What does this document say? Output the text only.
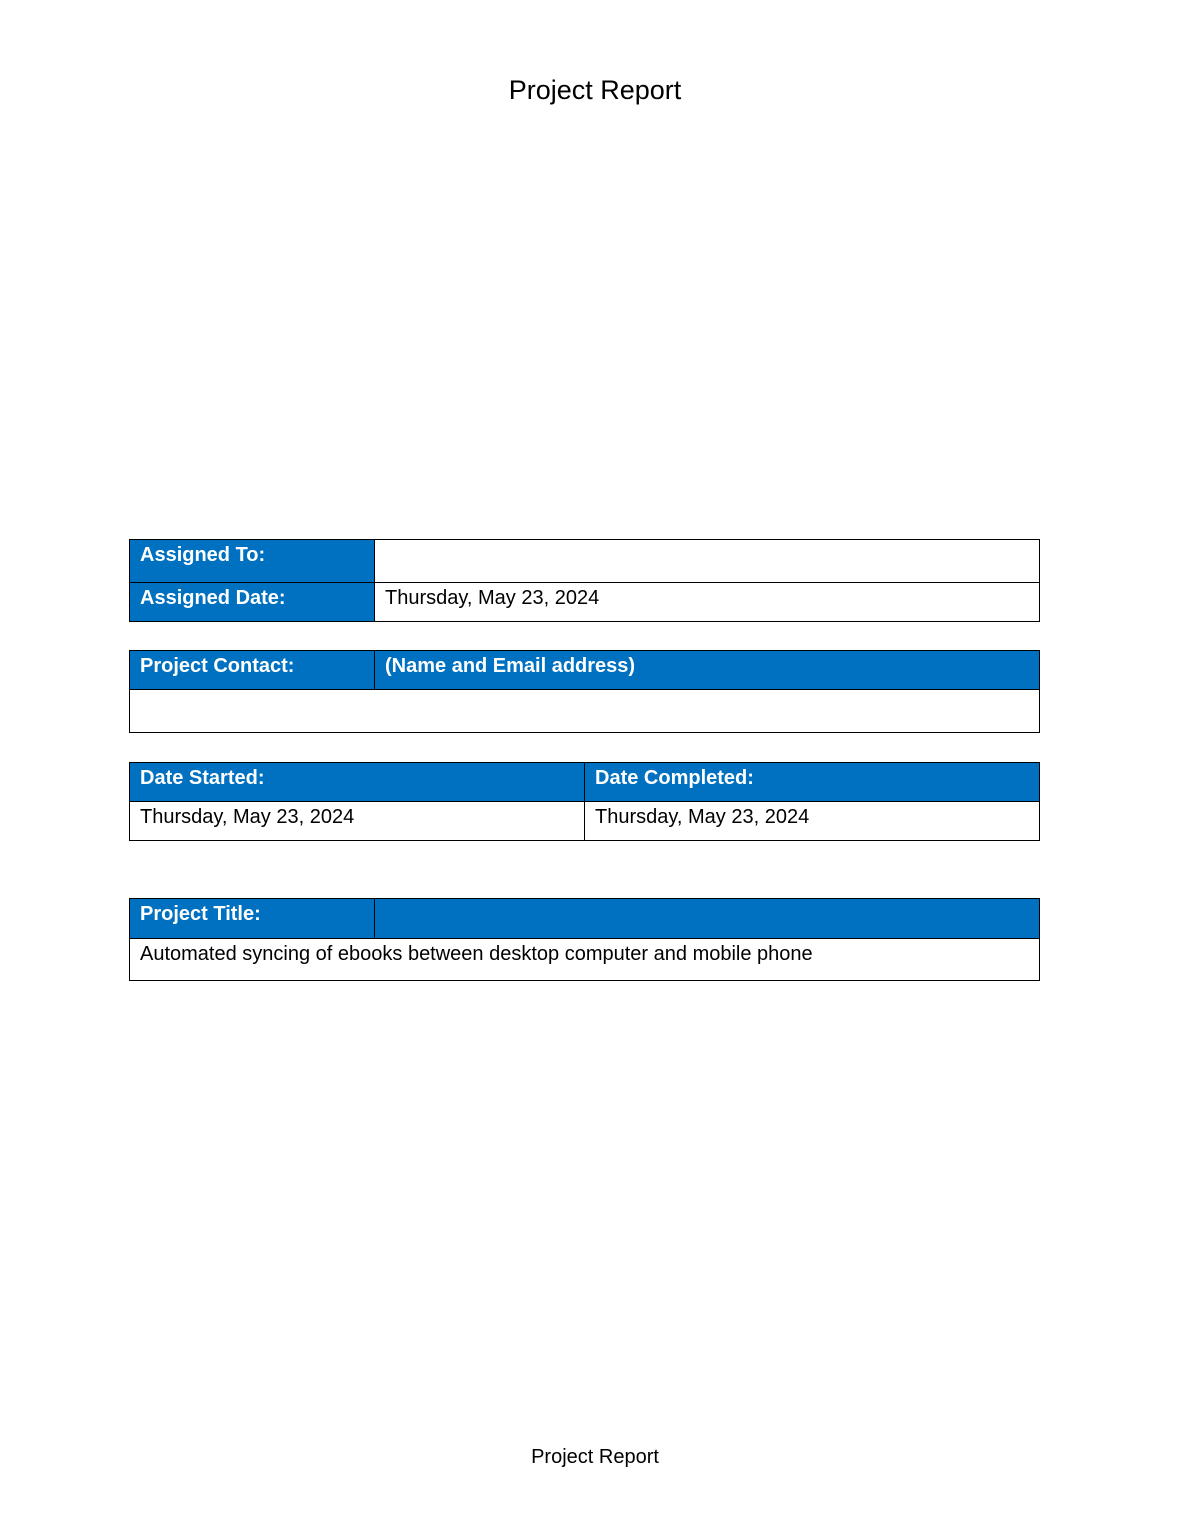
Project Report
Assigned To:	
Assigned Date:	Thursday, May 23, 2024
Project Contact:	(Name and Email address)

Date Started:	Date Completed:
Thursday, May 23, 2024	Thursday, May 23, 2024
Project Title:	
Automated syncing of ebooks between desktop computer and mobile phone
Project Report
